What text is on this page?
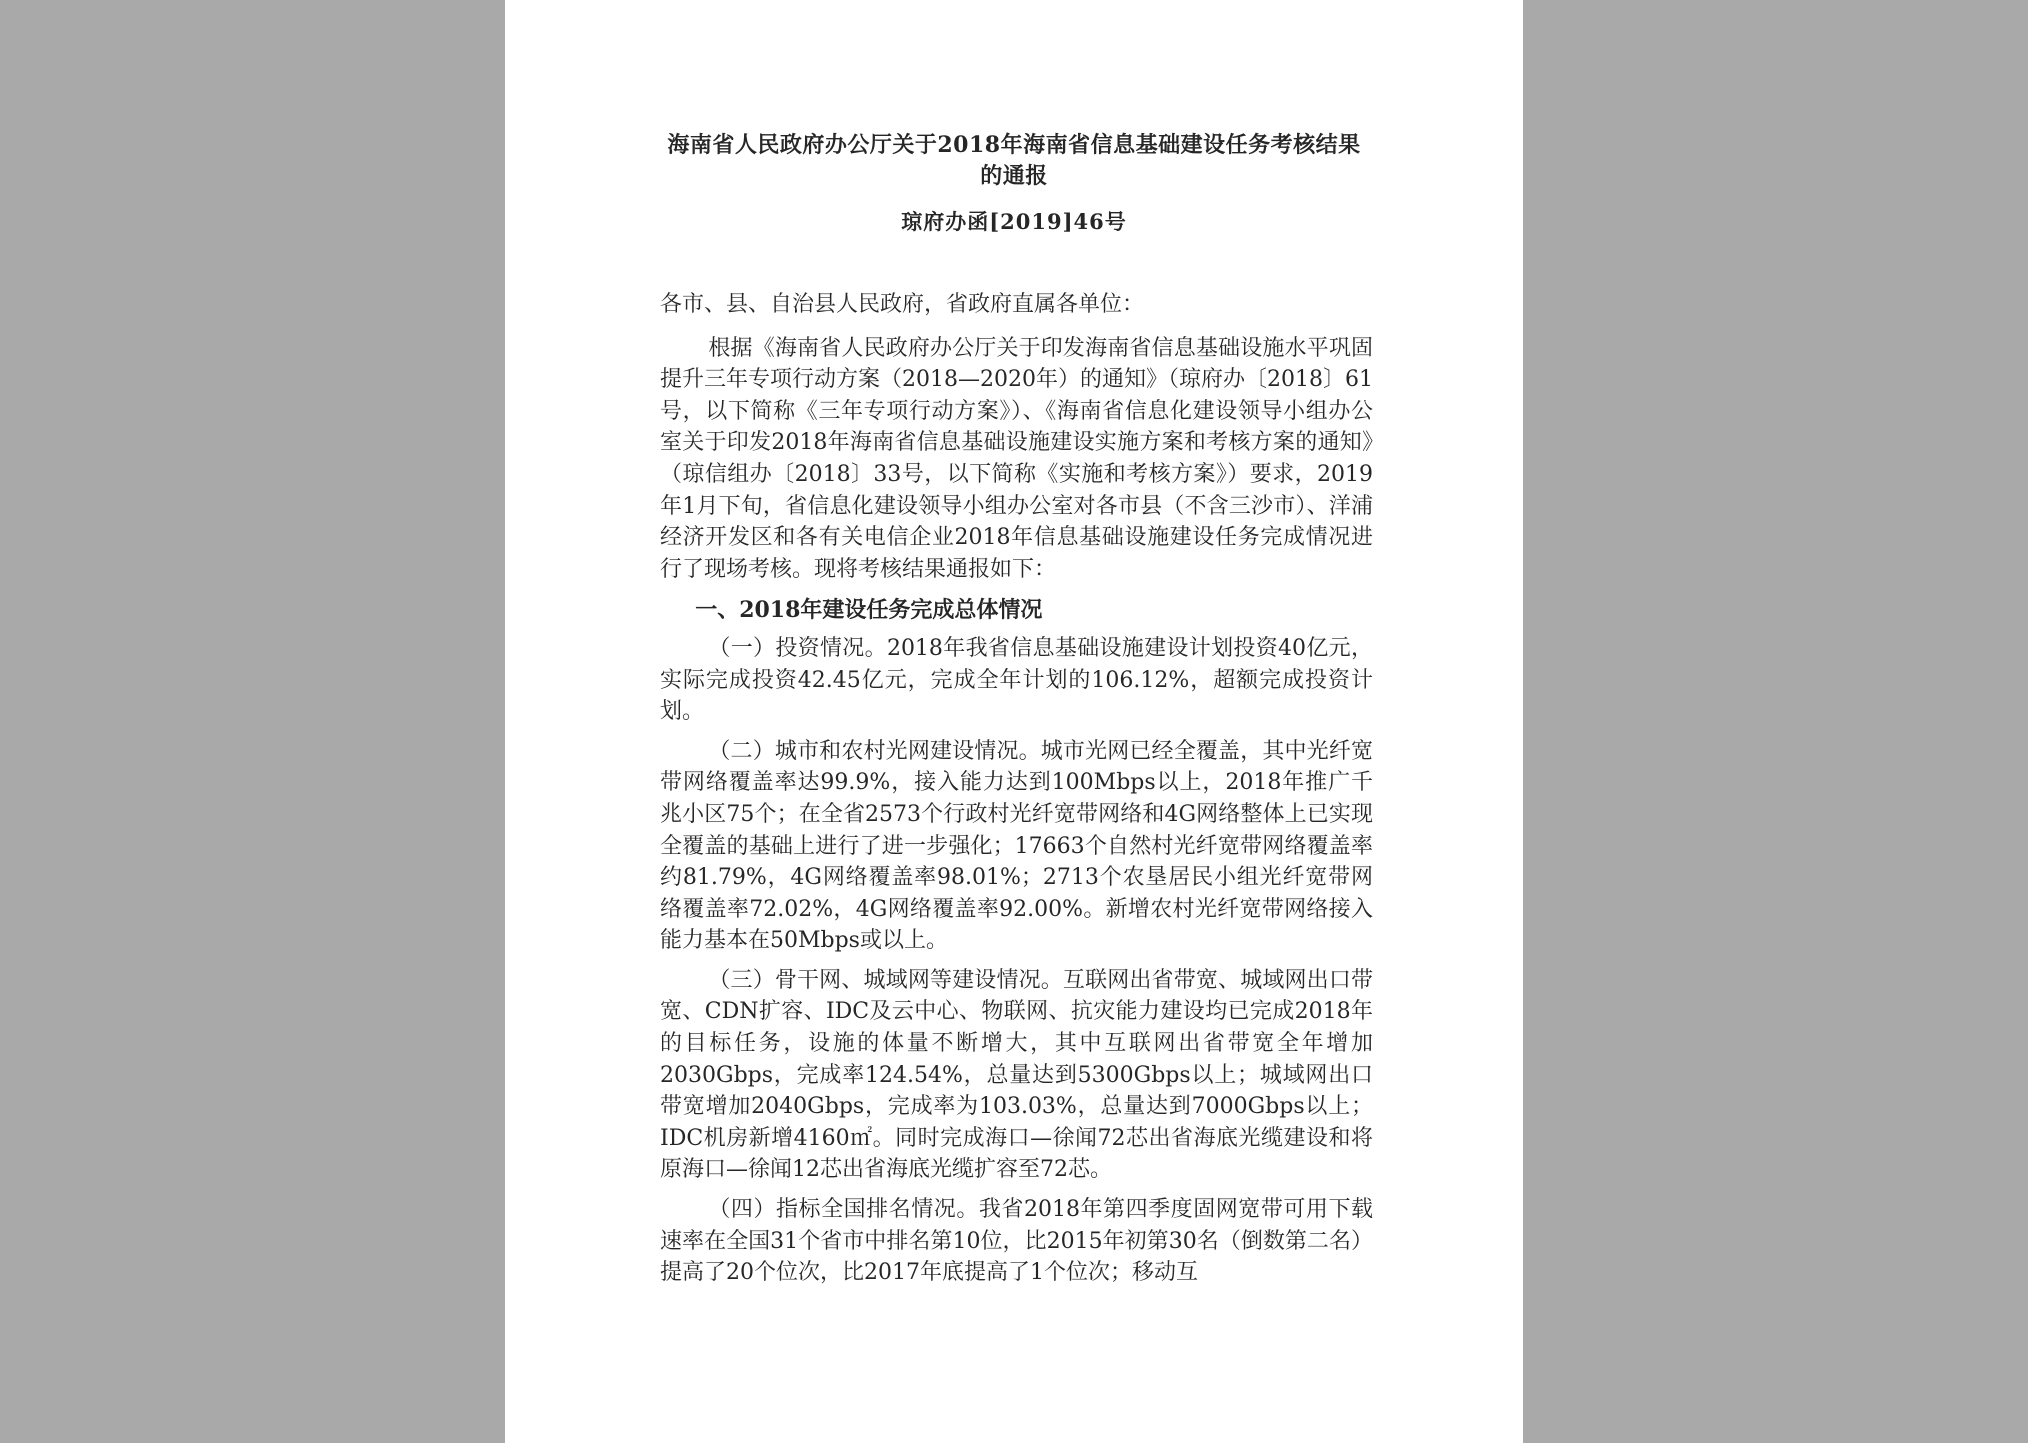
海南省人民政府办公厅关于2018年海南省信息基础建设任务考核结果的通报
琼府办函[2019]46号

各市、县、自治县人民政府，省政府直属各单位：

根据《海南省人民政府办公厅关于印发海南省信息基础设施水平巩固提升三年专项行动方案（2018—2020年）的通知》（琼府办〔2018〕61号，以下简称《三年专项行动方案》）、《海南省信息化建设领导小组办公室关于印发2018年海南省信息基础设施建设实施方案和考核方案的通知》（琼信组办〔2018〕33号，以下简称《实施和考核方案》）要求，2019年1月下旬，省信息化建设领导小组办公室对各市县（不含三沙市）、洋浦经济开发区和各有关电信企业2018年信息基础设施建设任务完成情况进行了现场考核。现将考核结果通报如下：

一、2018年建设任务完成总体情况

（一）投资情况。2018年我省信息基础设施建设计划投资40亿元，实际完成投资42.45亿元，完成全年计划的106.12%，超额完成投资计划。

（二）城市和农村光网建设情况。城市光网已经全覆盖，其中光纤宽带网络覆盖率达99.9%，接入能力达到100Mbps以上，2018年推广千兆小区75个；在全省2573个行政村光纤宽带网络和4G网络整体上已实现全覆盖的基础上进行了进一步强化；17663个自然村光纤宽带网络覆盖率约81.79%，4G网络覆盖率98.01%；2713个农垦居民小组光纤宽带网络覆盖率72.02%，4G网络覆盖率92.00%。新增农村光纤宽带网络接入能力基本在50Mbps或以上。

（三）骨干网、城域网等建设情况。互联网出省带宽、城域网出口带宽、CDN扩容、IDC及云中心、物联网、抗灾能力建设均已完成2018年的目标任务，设施的体量不断增大，其中互联网出省带宽全年增加2030Gbps，完成率124.54%，总量达到5300Gbps以上；城域网出口带宽增加2040Gbps，完成率为103.03%，总量达到7000Gbps以上；IDC机房新增4160㎡。同时完成海口—徐闻72芯出省海底光缆建设和将原海口—徐闻12芯出省海底光缆扩容至72芯。

（四）指标全国排名情况。我省2018年第四季度固网宽带可用下载速率在全国31个省市中排名第10位，比2015年初第30名（倒数第二名）提高了20个位次，比2017年底提高了1个位次；移动互
